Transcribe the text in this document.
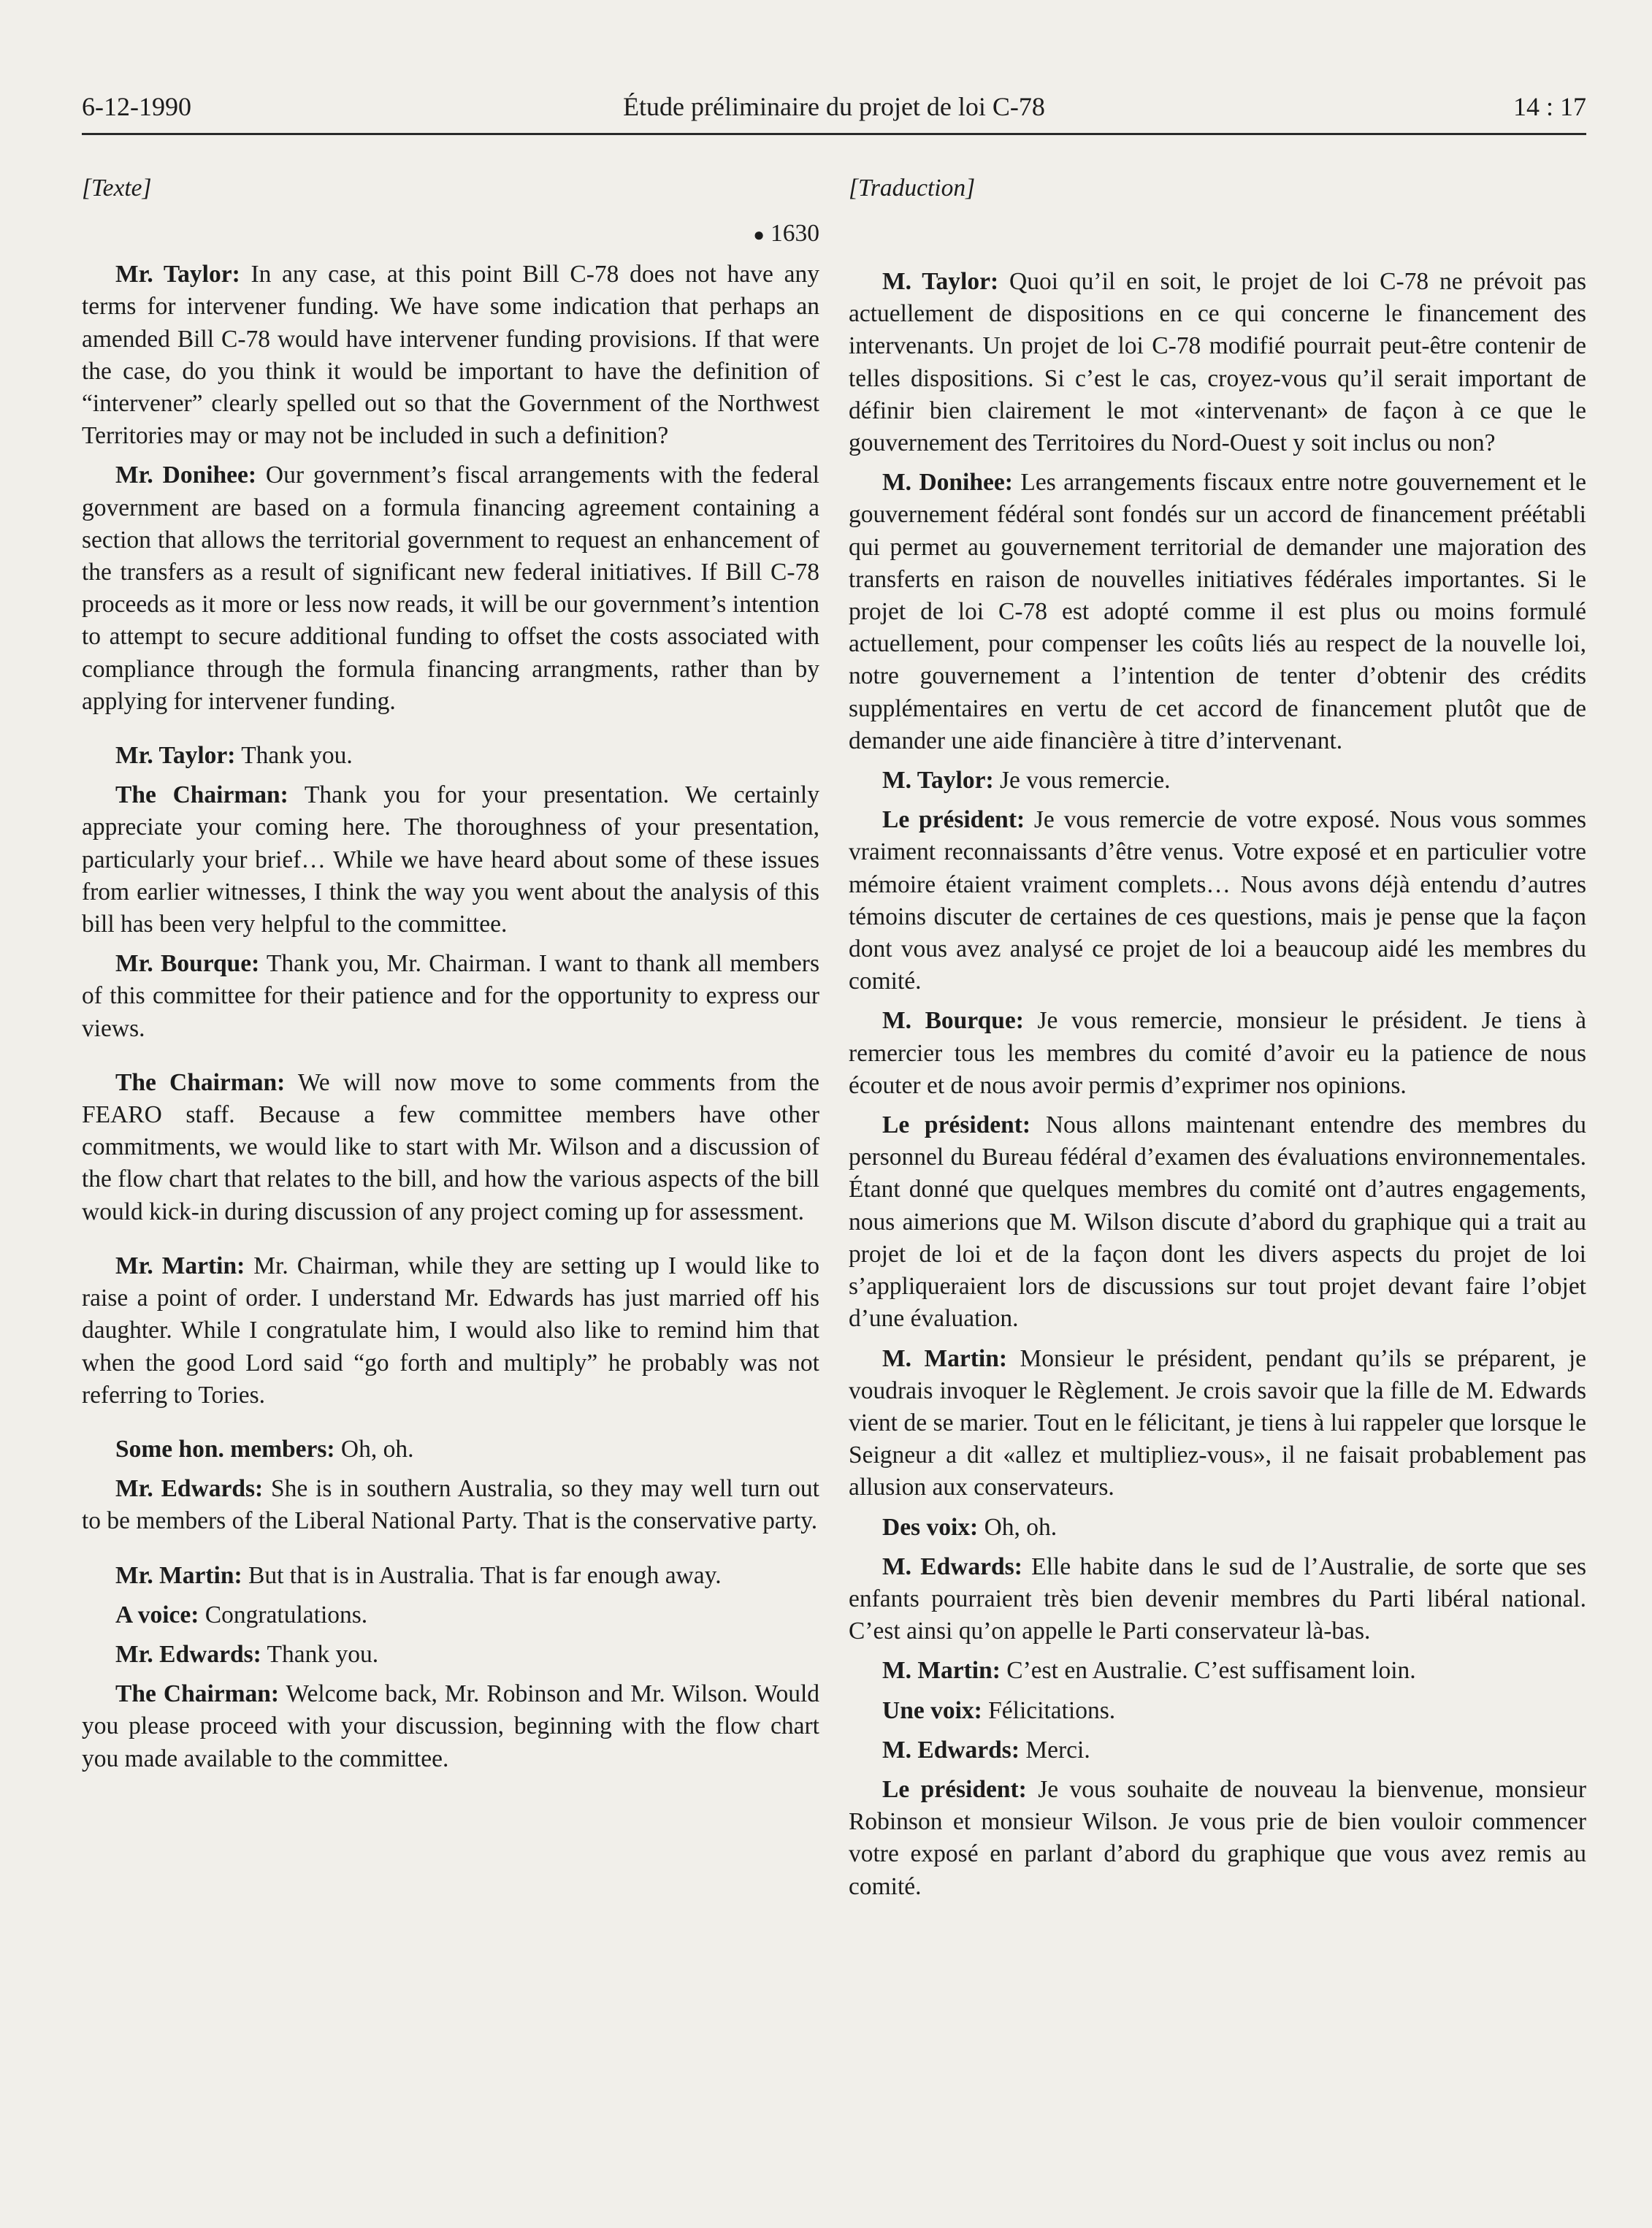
6-12-1990	Étude préliminaire du projet de loi C-78	14 : 17
[Texte]
● 1630

Mr. Taylor: In any case, at this point Bill C-78 does not have any terms for intervener funding. We have some indication that perhaps an amended Bill C-78 would have intervener funding provisions. If that were the case, do you think it would be important to have the definition of “intervener” clearly spelled out so that the Government of the Northwest Territories may or may not be included in such a definition?

Mr. Donihee: Our government’s fiscal arrangements with the federal government are based on a formula financing agreement containing a section that allows the territorial government to request an enhancement of the transfers as a result of significant new federal initiatives. If Bill C-78 proceeds as it more or less now reads, it will be our government’s intention to attempt to secure additional funding to offset the costs associated with compliance through the formula financing arrangments, rather than by applying for intervener funding.

Mr. Taylor: Thank you.

The Chairman: Thank you for your presentation. We certainly appreciate your coming here. The thoroughness of your presentation, particularly your brief… While we have heard about some of these issues from earlier witnesses, I think the way you went about the analysis of this bill has been very helpful to the committee.

Mr. Bourque: Thank you, Mr. Chairman. I want to thank all members of this committee for their patience and for the opportunity to express our views.

The Chairman: We will now move to some comments from the FEARO staff. Because a few committee members have other commitments, we would like to start with Mr. Wilson and a discussion of the flow chart that relates to the bill, and how the various aspects of the bill would kick-in during discussion of any project coming up for assessment.

Mr. Martin: Mr. Chairman, while they are setting up I would like to raise a point of order. I understand Mr. Edwards has just married off his daughter. While I congratulate him, I would also like to remind him that when the good Lord said “go forth and multiply” he probably was not referring to Tories.

Some hon. members: Oh, oh.

Mr. Edwards: She is in southern Australia, so they may well turn out to be members of the Liberal National Party. That is the conservative party.

Mr. Martin: But that is in Australia. That is far enough away.

A voice: Congratulations.

Mr. Edwards: Thank you.

The Chairman: Welcome back, Mr. Robinson and Mr. Wilson. Would you please proceed with your discussion, beginning with the flow chart you made available to the committee.

[Traduction]

M. Taylor: Quoi qu’il en soit, le projet de loi C-78 ne prévoit pas actuellement de dispositions en ce qui concerne le financement des intervenants. Un projet de loi C-78 modifié pourrait peut-être contenir de telles dispositions. Si c’est le cas, croyez-vous qu’il serait important de définir bien clairement le mot «intervenant» de façon à ce que le gouvernement des Territoires du Nord-Ouest y soit inclus ou non?

M. Donihee: Les arrangements fiscaux entre notre gouvernement et le gouvernement fédéral sont fondés sur un accord de financement préétabli qui permet au gouvernement territorial de demander une majoration des transferts en raison de nouvelles initiatives fédérales importantes. Si le projet de loi C-78 est adopté comme il est plus ou moins formulé actuellement, pour compenser les coûts liés au respect de la nouvelle loi, notre gouvernement a l’intention de tenter d’obtenir des crédits supplémentaires en vertu de cet accord de financement plutôt que de demander une aide financière à titre d’intervenant.

M. Taylor: Je vous remercie.

Le président: Je vous remercie de votre exposé. Nous vous sommes vraiment reconnaissants d’être venus. Votre exposé et en particulier votre mémoire étaient vraiment complets… Nous avons déjà entendu d’autres témoins discuter de certaines de ces questions, mais je pense que la façon dont vous avez analysé ce projet de loi a beaucoup aidé les membres du comité.

M. Bourque: Je vous remercie, monsieur le président. Je tiens à remercier tous les membres du comité d’avoir eu la patience de nous écouter et de nous avoir permis d’exprimer nos opinions.

Le président: Nous allons maintenant entendre des membres du personnel du Bureau fédéral d’examen des évaluations environnementales. Étant donné que quelques membres du comité ont d’autres engagements, nous aimerions que M. Wilson discute d’abord du graphique qui a trait au projet de loi et de la façon dont les divers aspects du projet de loi s’appliqueraient lors de discussions sur tout projet devant faire l’objet d’une évaluation.

M. Martin: Monsieur le président, pendant qu’ils se préparent, je voudrais invoquer le Règlement. Je crois savoir que la fille de M. Edwards vient de se marier. Tout en le félicitant, je tiens à lui rappeler que lorsque le Seigneur a dit «allez et multipliez-vous», il ne faisait probablement pas allusion aux conservateurs.

Des voix: Oh, oh.

M. Edwards: Elle habite dans le sud de l’Australie, de sorte que ses enfants pourraient très bien devenir membres du Parti libéral national. C’est ainsi qu’on appelle le Parti conservateur là-bas.

M. Martin: C’est en Australie. C’est suffisament loin.

Une voix: Félicitations.

M. Edwards: Merci.

Le président: Je vous souhaite de nouveau la bienvenue, monsieur Robinson et monsieur Wilson. Je vous prie de bien vouloir commencer votre exposé en parlant d’abord du graphique que vous avez remis au comité.
